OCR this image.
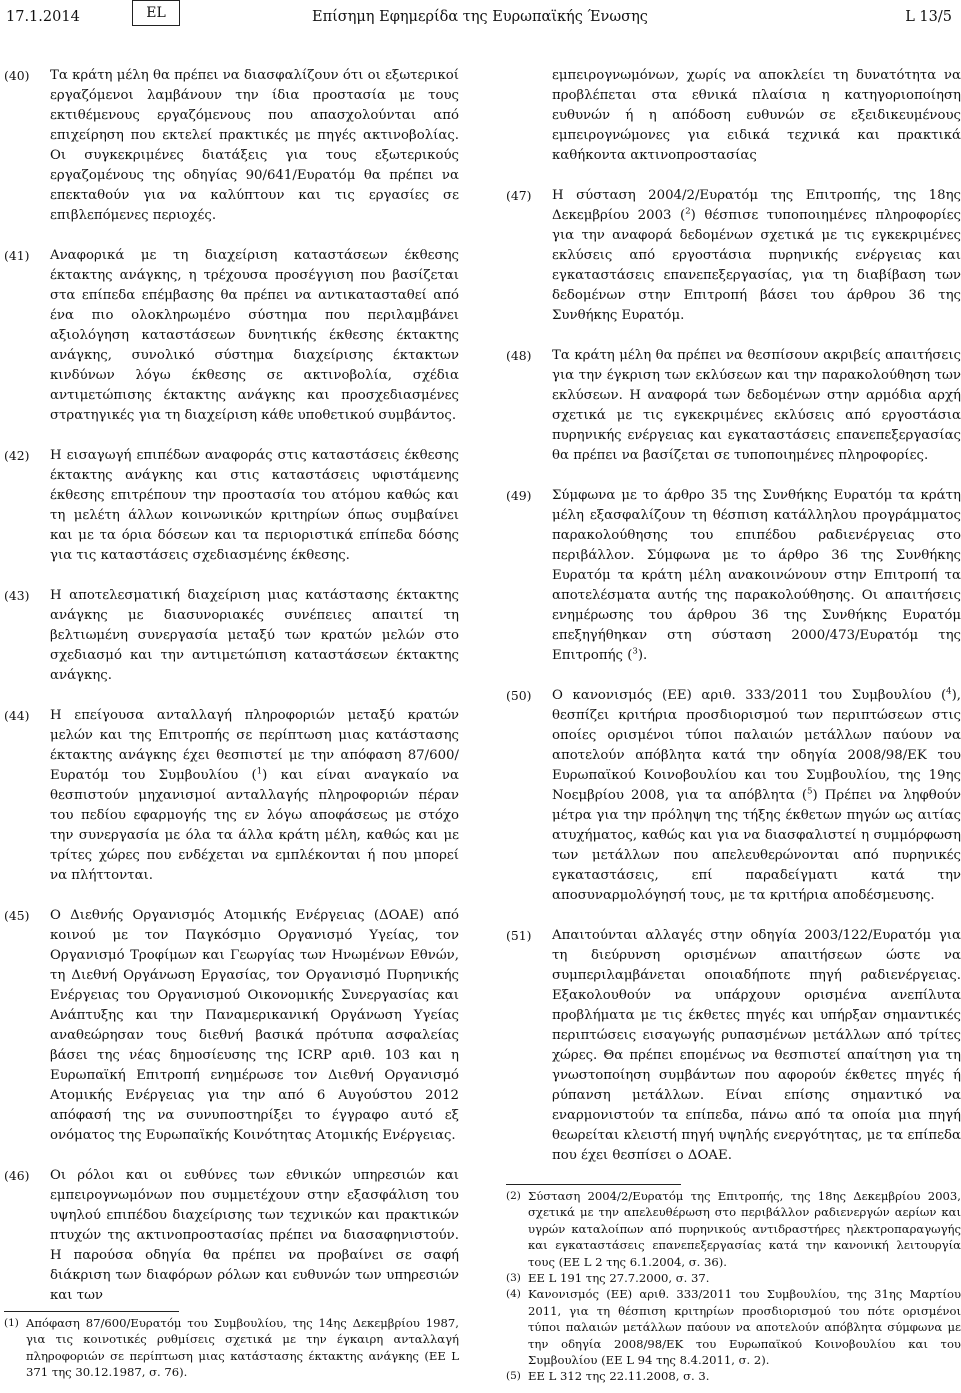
17.1.2014	EL	Επίσημη Εφημερίδα της Ευρωπαϊκής Ένωσης	L 13/5
(40)	Τα κράτη μέλη θα πρέπει να διασφαλίζουν ότι οι εξωτερικοί εργαζόμενοι λαμβάνουν την ίδια προστασία με τους εκτιθέμενους εργαζόμενους που απασχολούνται από επιχείρηση που εκτελεί πρακτικές με πηγές ακτινοβολίας. Οι συγκεκριμένες διατάξεις για τους εξωτερικούς εργαζομένους της οδηγίας 90/641/Ευρατόμ θα πρέπει να επεκταθούν για να καλύπτουν και τις εργασίες σε επιβλεπόμενες περιοχές.
(41)	Αναφορικά με τη διαχείριση καταστάσεων έκθεσης έκτακτης ανάγκης, η τρέχουσα προσέγγιση που βασίζεται στα επίπεδα επέμβασης θα πρέπει να αντικατασταθεί από ένα πιο ολοκληρωμένο σύστημα που περιλαμβάνει αξιολόγηση καταστάσεων δυνητικής έκθεσης έκτακτης ανάγκης, συνολικό σύστημα διαχείρισης έκτακτων κινδύνων λόγω έκθεσης σε ακτινοβολία, σχέδια αντιμετώπισης έκτακτης ανάγκης και προσχεδιασμένες στρατηγικές για τη διαχείριση κάθε υποθετικού συμβάντος.
(42)	Η εισαγωγή επιπέδων αναφοράς στις καταστάσεις έκθεσης έκτακτης ανάγκης και στις καταστάσεις υφιστάμενης έκθεσης επιτρέπουν την προστασία του ατόμου καθώς και τη μελέτη άλλων κοινωνικών κριτηρίων όπως συμβαίνει και με τα όρια δόσεων και τα περιοριστικά επίπεδα δόσης για τις καταστάσεις σχεδιασμένης έκθεσης.
(43)	Η αποτελεσματική διαχείριση μιας κατάστασης έκτακτης ανάγκης με διασυνοριακές συνέπειες απαιτεί τη βελτιωμένη συνεργασία μεταξύ των κρατών μελών στο σχεδιασμό και την αντιμετώπιση καταστάσεων έκτακτης ανάγκης.
(44)	Η επείγουσα ανταλλαγή πληροφοριών μεταξύ κρατών μελών και της Επιτροπής σε περίπτωση μιας κατάστασης έκτακτης ανάγκης έχει θεσπιστεί με την απόφαση 87/600/Ευρατόμ του Συμβουλίου ($^1$) και είναι αναγκαίο να θεσπιστούν μηχανισμοί ανταλλαγής πληροφοριών πέραν του πεδίου εφαρμογής της εν λόγω αποφάσεως με στόχο την συνεργασία με όλα τα άλλα κράτη μέλη, καθώς και με τρίτες χώρες που ενδέχεται να εμπλέκονται ή που μπορεί να πλήττονται.
(45)	Ο Διεθνής Οργανισμός Ατομικής Ενέργειας (ΔΟΑΕ) από κοινού με τον Παγκόσμιο Οργανισμό Υγείας, τον Οργανισμό Τροφίμων και Γεωργίας των Ηνωμένων Εθνών, τη Διεθνή Οργάνωση Εργασίας, τον Οργανισμό Πυρηνικής Ενέργειας του Οργανισμού Οικονομικής Συνεργασίας και Ανάπτυξης και την Παναμερικανική Οργάνωση Υγείας αναθεώρησαν τους διεθνή βασικά πρότυπα ασφαλείας βάσει της νέας δημοσίευσης της ICRP αριθ. 103 και η Ευρωπαϊκή Επιτροπή ενημέρωσε τον Διεθνή Οργανισμό Ατομικής Ενέργειας για την από 6 Αυγούστου 2012 απόφασή της να συνυποστηρίξει το έγγραφο αυτό εξ ονόματος της Ευρωπαϊκής Κοινότητας Ατομικής Ενέργειας.
(46)	Οι ρόλοι και οι ευθύνες των εθνικών υπηρεσιών και εμπειρογνωμόνων που συμμετέχουν στην εξασφάλιση του υψηλού επιπέδου διαχείρισης των τεχνικών και πρακτικών πτυχών της ακτινοπροστασίας πρέπει να διασαφηνιστούν. Η παρούσα οδηγία θα πρέπει να προβαίνει σε σαφή διάκριση των διαφόρων ρόλων και ευθυνών των υπηρεσιών και των
(1) Απόφαση 87/600/Ευρατόμ του Συμβουλίου, της 14ης Δεκεμβρίου 1987, για τις κοινοτικές ρυθμίσεις σχετικά με την έγκαιρη ανταλλαγή πληροφοριών σε περίπτωση μιας κατάστασης έκτακτης ανάγκης (ΕΕ L 371 της 30.12.1987, σ. 76).
εμπειρογνωμόνων, χωρίς να αποκλείει τη δυνατότητα να προβλέπεται στα εθνικά πλαίσια η κατηγοριοποίηση ευθυνών ή η απόδοση ευθυνών σε εξειδικευμένους εμπειρογνώμονες για ειδικά τεχνικά και πρακτικά καθήκοντα ακτινοπροστασίας
(47)	Η σύσταση 2004/2/Ευρατόμ της Επιτροπής, της 18ης Δεκεμβρίου 2003 ($^2$) θέσπισε τυποποιημένες πληροφορίες για την αναφορά δεδομένων σχετικά με τις εγκεκριμένες εκλύσεις από εργοστάσια πυρηνικής ενέργειας και εγκαταστάσεις επανεπεξεργασίας, για τη διαβίβαση των δεδομένων στην Επιτροπή βάσει του άρθρου 36 της Συνθήκης Ευρατόμ.
(48)	Τα κράτη μέλη θα πρέπει να θεσπίσουν ακριβείς απαιτήσεις για την έγκριση των εκλύσεων και την παρακολούθηση των εκλύσεων. Η αναφορά των δεδομένων στην αρμόδια αρχή σχετικά με τις εγκεκριμένες εκλύσεις από εργοστάσια πυρηνικής ενέργειας και εγκαταστάσεις επανεπεξεργασίας θα πρέπει να βασίζεται σε τυποποιημένες πληροφορίες.
(49)	Σύμφωνα με το άρθρο 35 της Συνθήκης Ευρατόμ τα κράτη μέλη εξασφαλίζουν τη θέσπιση κατάλληλου προγράμματος παρακολούθησης του επιπέδου ραδιενέργειας στο περιβάλλον. Σύμφωνα με το άρθρο 36 της Συνθήκης Ευρατόμ τα κράτη μέλη ανακοινώνουν στην Επιτροπή τα αποτελέσματα αυτής της παρακολούθησης. Οι απαιτήσεις ενημέρωσης του άρθρου 36 της Συνθήκης Ευρατόμ επεξηγήθηκαν στη σύσταση 2000/473/Ευρατόμ της Επιτροπής ($^3$).
(50)	Ο κανονισμός (ΕΕ) αριθ. 333/2011 του Συμβουλίου ($^4$), θεσπίζει κριτήρια προσδιορισμού των περιπτώσεων στις οποίες ορισμένοι τύποι παλαιών μετάλλων παύουν να αποτελούν απόβλητα κατά την οδηγία 2008/98/ΕΚ του Ευρωπαϊκού Κοινοβουλίου και του Συμβουλίου, της 19ης Νοεμβρίου 2008, για τα απόβλητα ($^5$) Πρέπει να ληφθούν μέτρα για την πρόληψη της τήξης έκθετων πηγών ως αιτίας ατυχήματος, καθώς και για να διασφαλιστεί η συμμόρφωση των μετάλλων που απελευθερώνονται από πυρηνικές εγκαταστάσεις, επί παραδείγματι κατά την αποσυναρμολόγησή τους, με τα κριτήρια αποδέσμευσης.
(51)	Απαιτούνται αλλαγές στην οδηγία 2003/122/Ευρατόμ για τη διεύρυνση ορισμένων απαιτήσεων ώστε να συμπεριλαμβάνεται οποιαδήποτε πηγή ραδιενέργειας. Εξακολουθούν να υπάρχουν ορισμένα ανεπίλυτα προβλήματα με τις έκθετες πηγές και υπήρξαν σημαντικές περιπτώσεις εισαγωγής ρυπασμένων μετάλλων από τρίτες χώρες. Θα πρέπει επομένως να θεσπιστεί απαίτηση για τη γνωστοποίηση συμβάντων που αφορούν έκθετες πηγές ή ρύπανση μετάλλων. Είναι επίσης σημαντικό να εναρμονιστούν τα επίπεδα, πάνω από τα οποία μια πηγή θεωρείται κλειστή πηγή υψηλής ενεργότητας, με τα επίπεδα που έχει θεσπίσει ο ΔΟΑΕ.
(2) Σύσταση 2004/2/Ευρατόμ της Επιτροπής, της 18ης Δεκεμβρίου 2003, σχετικά με την απελευθέρωση στο περιβάλλον ραδιενεργών αερίων και υγρών καταλοίπων από πυρηνικούς αντιδραστήρες ηλεκτροπαραγωγής και εγκαταστάσεις επανεπεξεργασίας κατά την κανονική λειτουργία τους (ΕΕ L 2 της 6.1.2004, σ. 36).
(3) ΕΕ L 191 της 27.7.2000, σ. 37.
(4) Κανονισμός (ΕΕ) αριθ. 333/2011 του Συμβουλίου, της 31ης Μαρτίου 2011, για τη θέσπιση κριτηρίων προσδιορισμού του πότε ορισμένοι τύποι παλαιών μετάλλων παύουν να αποτελούν απόβλητα σύμφωνα με την οδηγία 2008/98/ΕΚ του Ευρωπαϊκού Κοινοβουλίου και του Συμβουλίου (ΕΕ L 94 της 8.4.2011, σ. 2).
(5) ΕΕ L 312 της 22.11.2008, σ. 3.
